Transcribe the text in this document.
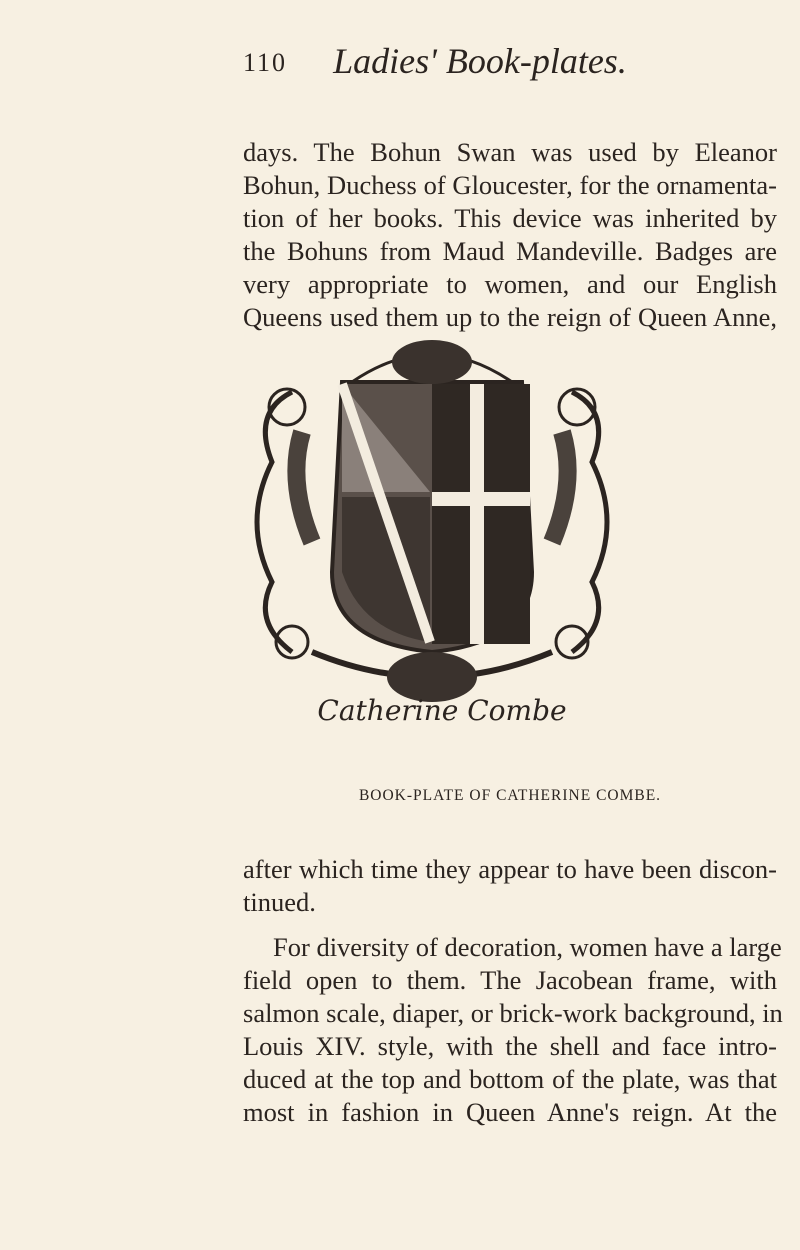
110 Ladies' Book-plates.
days. The Bohun Swan was used by Eleanor
Bohun, Duchess of Gloucester, for the ornamenta-
tion of her books. This device was inherited by
the Bohuns from Maud Mandeville. Badges are
very appropriate to women, and our English
Queens used them up to the reign of Queen Anne,
Catherine Combe
BOOK-PLATE OF CATHERINE COMBE.
after which time they appear to have been discon-
tinued.
For diversity of decoration, women have a large
field open to them. The Jacobean frame, with
salmon scale, diaper, or brick-work background, in
Louis XIV. style, with the shell and face intro-
duced at the top and bottom of the plate, was that
most in fashion in Queen Anne's reign. At the
